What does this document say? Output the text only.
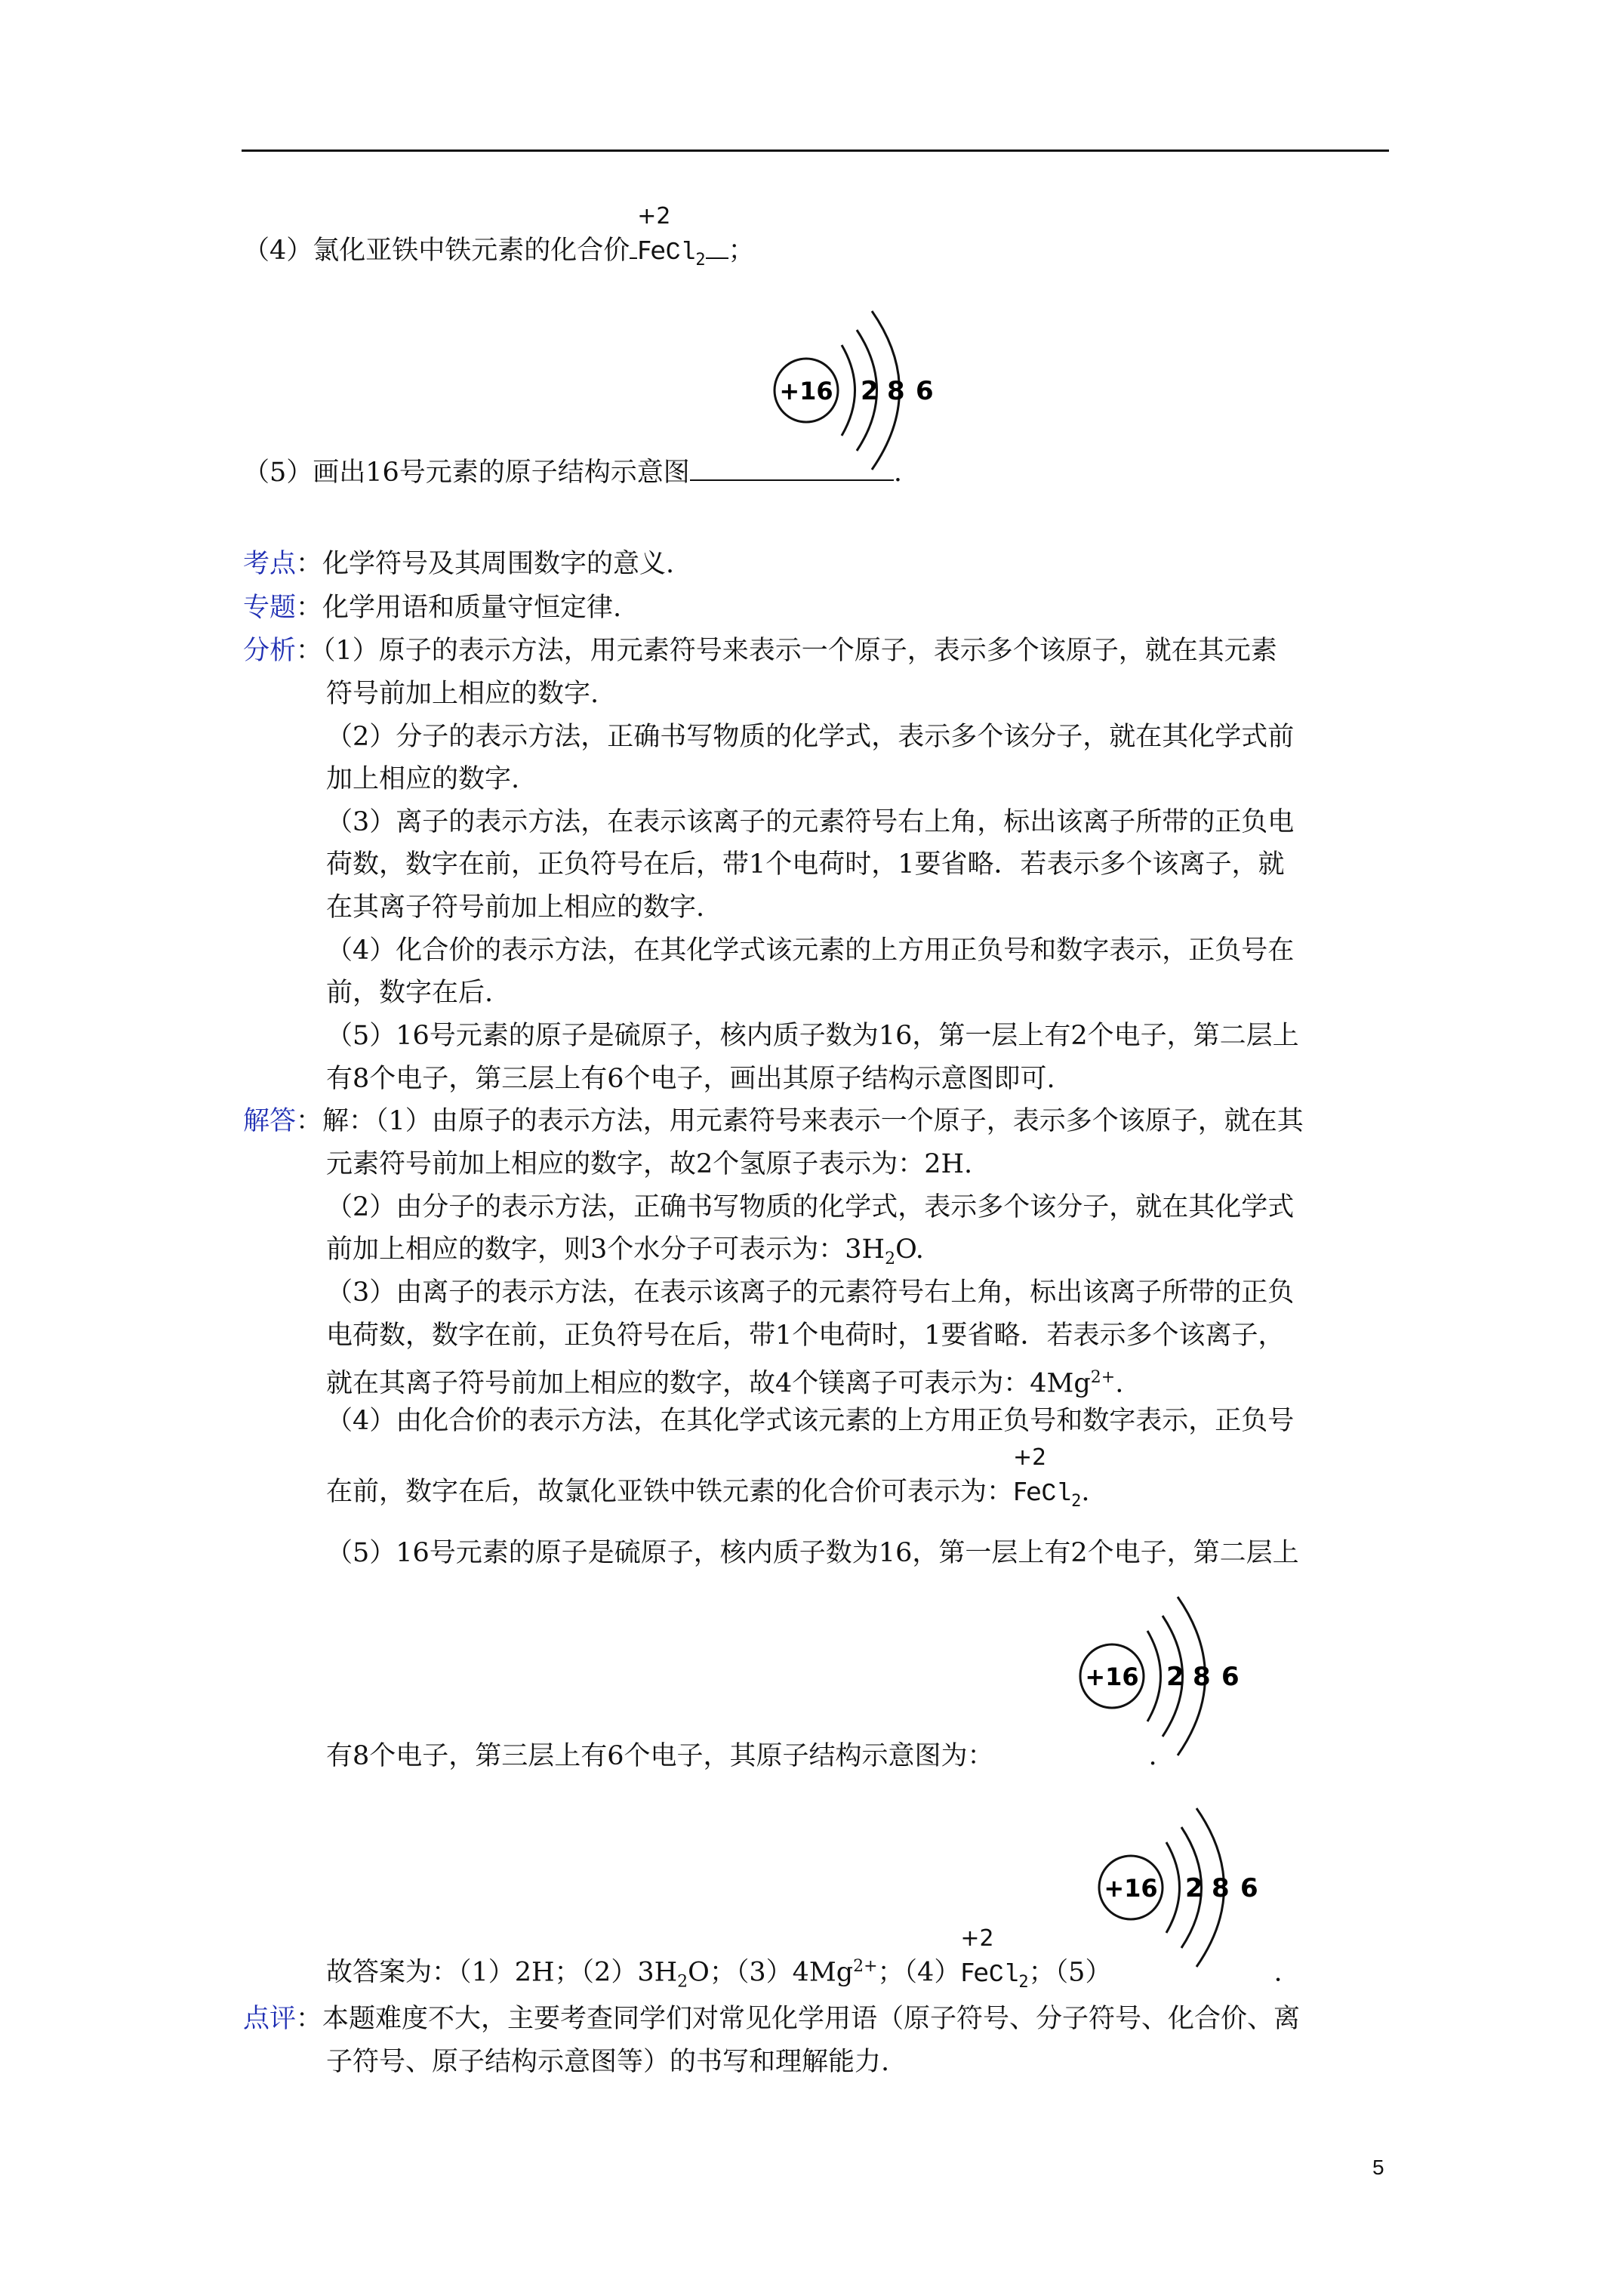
（4）氯化亚铁中铁元素的化合价
+2
FeCl$_2$ ；
+16 2 8 6
（5）画出16号元素的原子结构示意图	.
考点：化学符号及其周围数字的意义.
专题：化学用语和质量守恒定律.
分析：（1）原子的表示方法，用元素符号来表示一个原子，表示多个该原子，就在其元素
符号前加上相应的数字.
（2）分子的表示方法，正确书写物质的化学式，表示多个该分子，就在其化学式前
加上相应的数字.
（3）离子的表示方法，在表示该离子的元素符号右上角，标出该离子所带的正负电
荷数，数字在前，正负符号在后，带1个电荷时，1要省略．若表示多个该离子，就
在其离子符号前加上相应的数字.
（4）化合价的表示方法，在其化学式该元素的上方用正负号和数字表示，正负号在
前，数字在后.
（5）16号元素的原子是硫原子，核内质子数为16，第一层上有2个电子，第二层上
有8个电子，第三层上有6个电子，画出其原子结构示意图即可.
解答：解：（1）由原子的表示方法，用元素符号来表示一个原子，表示多个该原子，就在其
元素符号前加上相应的数字，故2个氢原子表示为：2H.
（2）由分子的表示方法，正确书写物质的化学式，表示多个该分子，就在其化学式
前加上相应的数字，则3个水分子可表示为：$3H_2O$.
（3）由离子的表示方法，在表示该离子的元素符号右上角，标出该离子所带的正负
电荷数，数字在前，正负符号在后，带1个电荷时，1要省略．若表示多个该离子，
就在其离子符号前加上相应的数字，故4个镁离子可表示为：$4Mg^{2+}$.
（4）由化合价的表示方法，在其化学式该元素的上方用正负号和数字表示，正负号
在前，数字在后，故氯化亚铁中铁元素的化合价可表示为：
+2
FeCl$_2$.
（5）16号元素的原子是硫原子，核内质子数为16，第一层上有2个电子，第二层上
+16 2 8 6
有8个电子，第三层上有6个电子，其原子结构示意图为：	.
+16 2 8 6
故答案为：（1）2H；$(2)3H_2O$；$(3)4Mg^{2+}$；（4）
+2
FeCl$_2$；（5）	.
点评：本题难度不大，主要考查同学们对常见化学用语（原子符号、分子符号、化合价、离
子符号、原子结构示意图等）的书写和理解能力.
5
